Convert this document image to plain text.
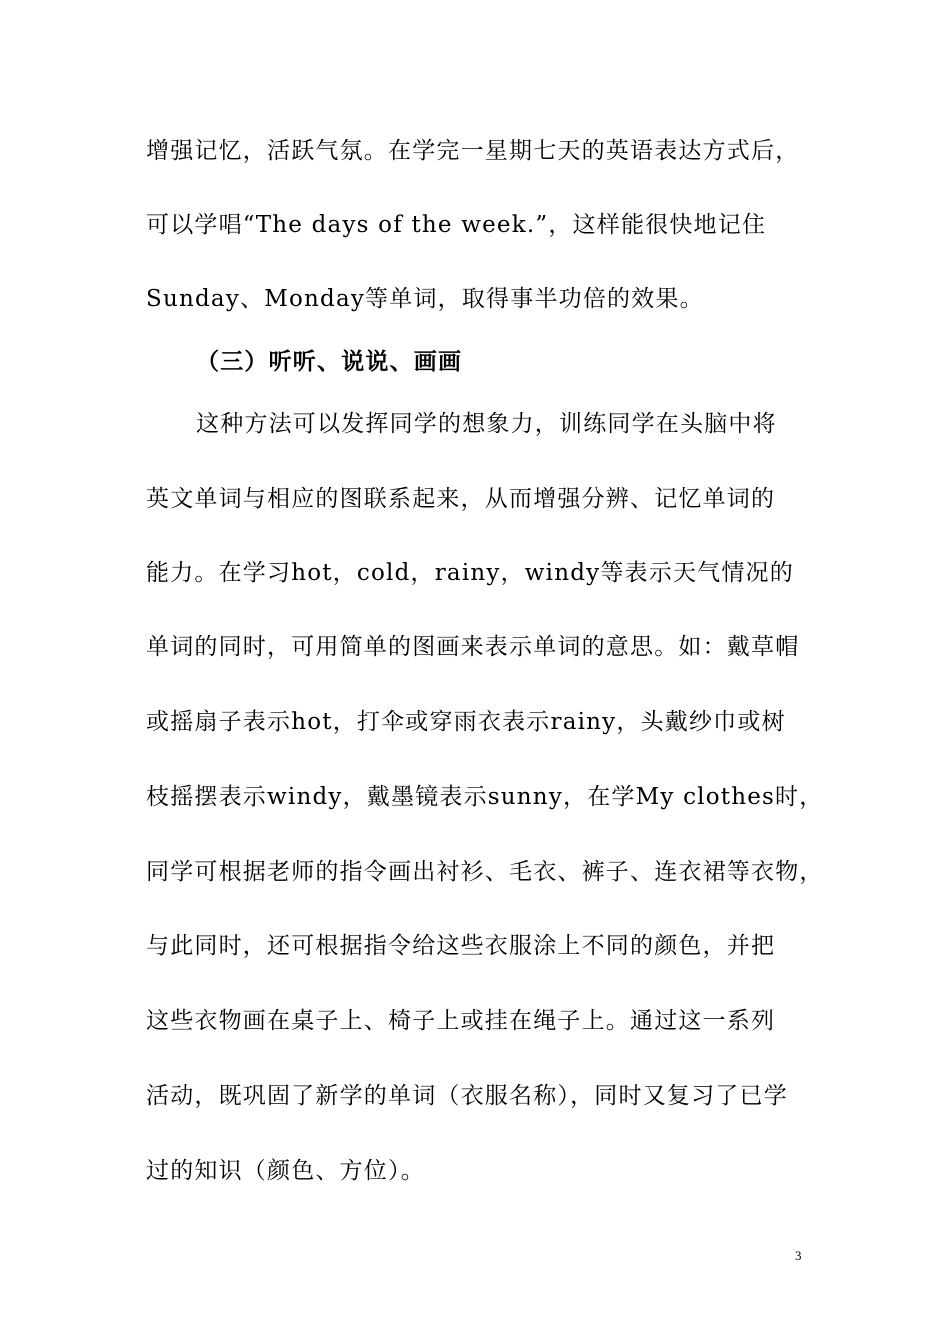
增强记忆，活跃气氛。在学完一星期七天的英语表达方式后，
可以学唱“The days of the week.”，这样能很快地记住
Sunday、Monday等单词，取得事半功倍的效果。
（三）听听、说说、画画
这种方法可以发挥同学的想象力，训练同学在头脑中将
英文单词与相应的图联系起来，从而增强分辨、记忆单词的
能力。在学习hot，cold，rainy，windy等表示天气情况的
单词的同时，可用简单的图画来表示单词的意思。如：戴草帽
或摇扇子表示hot，打伞或穿雨衣表示rainy，头戴纱巾或树
枝摇摆表示windy，戴墨镜表示sunny，在学My clothes时，
同学可根据老师的指令画出衬衫、毛衣、裤子、连衣裙等衣物，
与此同时，还可根据指令给这些衣服涂上不同的颜色，并把
这些衣物画在桌子上、椅子上或挂在绳子上。通过这一系列
活动，既巩固了新学的单词（衣服名称），同时又复习了已学
过的知识（颜色、方位）。
3
